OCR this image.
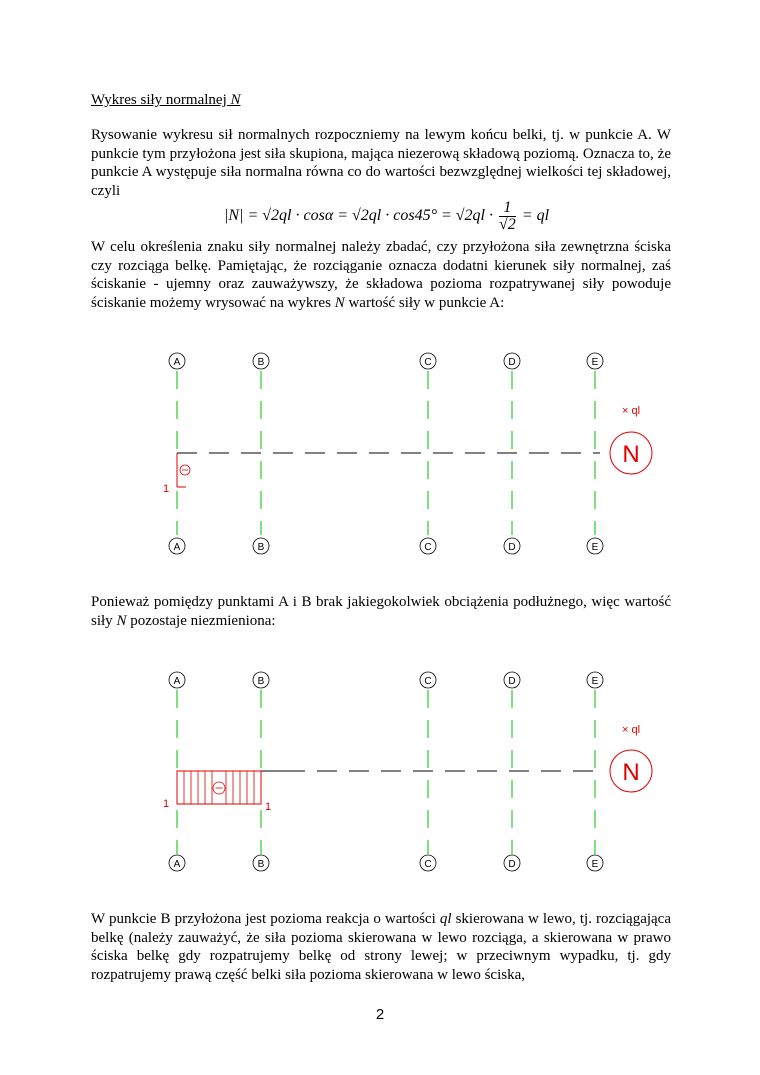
Wykres siły normalnej N

Rysowanie wykresu sił normalnych rozpoczniemy na lewym końcu belki, tj. w punkcie A. W punkcie tym przyłożona jest siła skupiona, mająca niezerową składową poziomą. Oznacza to, że punkcie A występuje siła normalna równa co do wartości bezwzględnej wielkości tej składowej, czyli

$|N| = √2ql \cdot \cos\alpha = √2ql \cdot \cos 45^\circ = √2ql \cdot \frac{1}{√2}$ = ql

W celu określenia znaku siły normalnej należy zbadać, czy przyłożona siła zewnętrzna ściska czy rozciąga belkę. Pamiętając, że rozciąganie oznacza dodatni kierunek siły normalnej, zaś ściskanie - ujemny oraz zauważywszy, że składowa pozioma rozpatrywanej siły powoduje ściskanie możemy wrysować na wykres N wartość siły w punkcie A:

A	B	C	D	E
A	B	C	D	E
1
× ql
N

Ponieważ pomiędzy punktami A i B brak jakiegokolwiek obciążenia podłużnego, więc wartość siły N pozostaje niezmieniona:

A	B	C	D	E
A	B	C	D	E
1	1
× ql
N

W punkcie B przyłożona jest pozioma reakcja o wartości ql skierowana w lewo, tj. rozciągająca belkę (należy zauważyć, że siła pozioma skierowana w lewo rozciąga, a skierowana w prawo ściska belkę gdy rozpatrujemy belkę od strony lewej; w przeciwnym wypadku, tj. gdy rozpatrujemy prawą część belki siła pozioma skierowana w lewo ściska,

2
